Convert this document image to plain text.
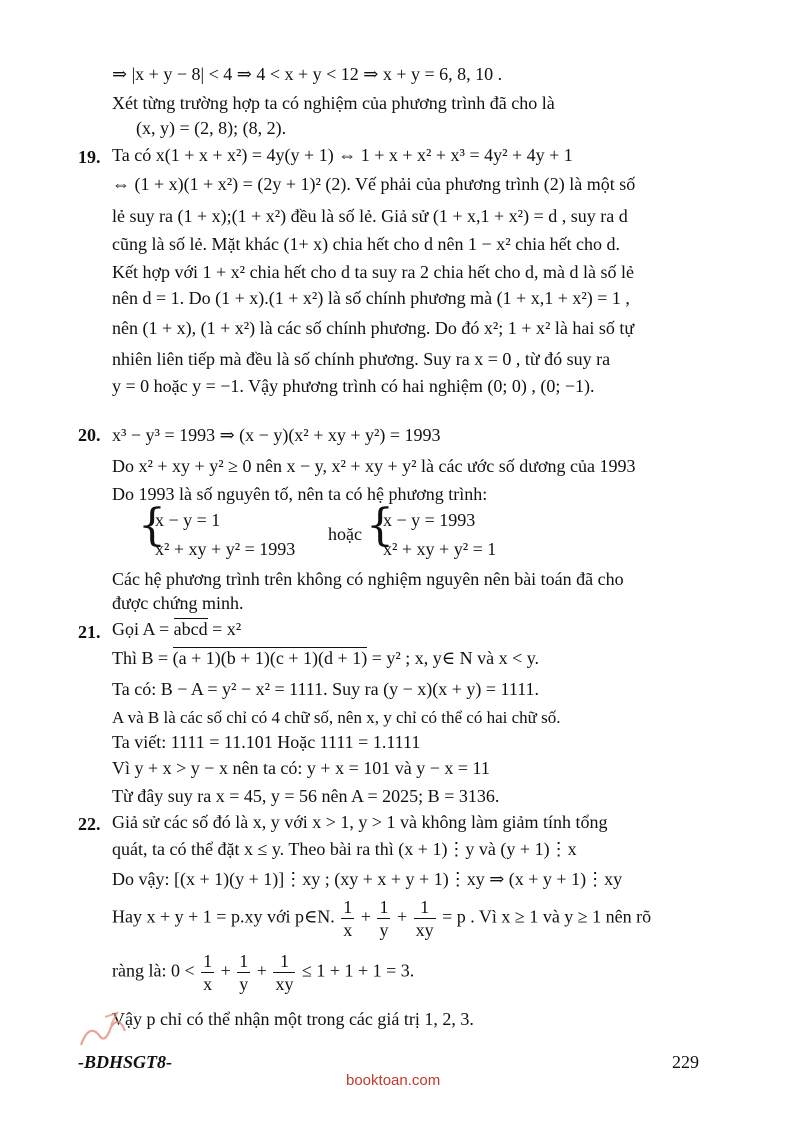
⇒ |x + y − 8| < 4 ⇒ 4 < x + y < 12 ⇒ x + y = 6, 8, 10 .
Xét từng trường hợp ta có nghiệm của phương trình đã cho là
(x, y) = (2, 8); (8, 2).
19. Ta có x(1 + x + x²) = 4y(y + 1) ⇔ 1 + x + x² + x³ = 4y² + 4y + 1
⇔ (1 + x)(1 + x²) = (2y + 1)² (2). Vế phải của phương trình (2) là một số
lẻ suy ra (1 + x);(1 + x²) đều là số lẻ. Giả sử (1 + x,1 + x²) = d , suy ra d
cũng là số lẻ. Mặt khác (1+ x) chia hết cho d nên 1 − x² chia hết cho d.
Kết hợp với 1 + x² chia hết cho d ta suy ra 2 chia hết cho d, mà d là số lẻ
nên d = 1. Do (1 + x).(1 + x²) là số chính phương mà (1 + x,1 + x²) = 1 ,
nên (1 + x), (1 + x²) là các số chính phương. Do đó x²; 1 + x² là hai số tự
nhiên liên tiếp mà đều là số chính phương. Suy ra x = 0 , từ đó suy ra
y = 0 hoặc y = −1. Vậy phương trình có hai nghiệm (0; 0) , (0; −1).
20. x³ − y³ = 1993 ⇒ (x − y)(x² + xy + y²) = 1993
Do x² + xy + y² ≥ 0 nên x − y, x² + xy + y² là các ước số dương của 1993
Do 1993 là số nguyên tố, nên ta có hệ phương trình:
{
x − y = 1
x² + xy + y² = 1993
hoặc {
x − y = 1993
x² + xy + y² = 1
Các hệ phương trình trên không có nghiệm nguyên nên bài toán đã cho
được chứng minh.
21. Gọi A = abcd = x²
Thì B = (a + 1)(b + 1)(c + 1)(d + 1) = y² ; x, y∈ N và x < y.
Ta có: B − A = y² − x² = 1111. Suy ra (y − x)(x + y) = 1111.
A và B là các số chỉ có 4 chữ số, nên x, y chỉ có thể có hai chữ số.
Ta viết: 1111 = 11.101 Hoặc 1111 = 1.1111
Vì y + x > y − x nên ta có: y + x = 101 và y − x = 11
Từ đây suy ra x = 45, y = 56 nên A = 2025; B = 3136.
22. Giả sử các số đó là x, y với x > 1, y > 1 và không làm giảm tính tổng
quát, ta có thể đặt x ≤ y. Theo bài ra thì (x + 1)⋮y và (y + 1)⋮x
Do vậy: [(x + 1)(y + 1)]⋮xy ; (xy + x + y + 1)⋮xy ⇒ (x + y + 1)⋮xy
Hay x + y + 1 = p.xy với p∈N. $\frac{1}{x} + \frac{1}{y} + \frac{1}{xy} = p$ . Vì x ≥ 1 và y ≥ 1 nên rõ
ràng là: $0 < \frac{1}{x} + \frac{1}{y} + \frac{1}{xy} \le 1 + 1 + 1 = 3$.
Vậy p chỉ có thể nhận một trong các giá trị 1, 2, 3.
-BDHSGT8-	229
booktoan.com
